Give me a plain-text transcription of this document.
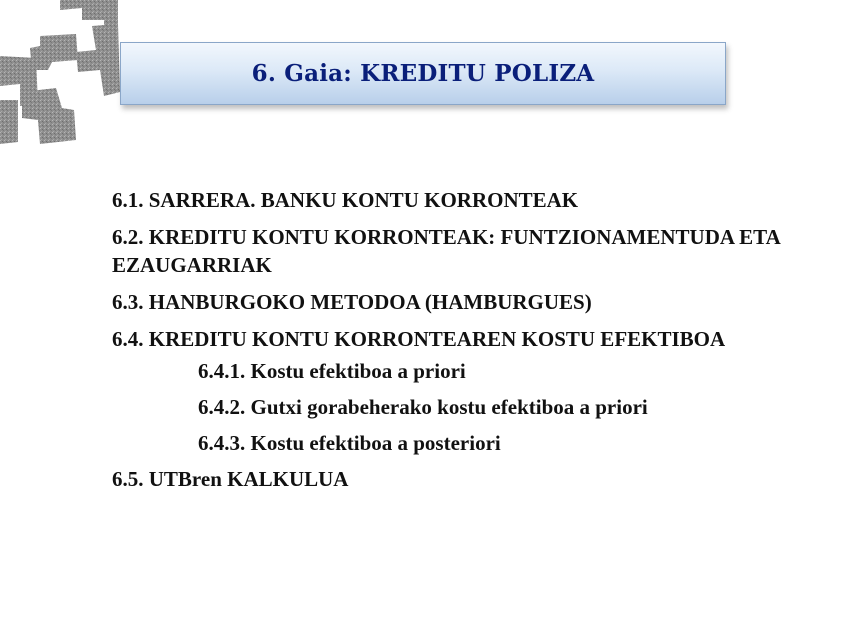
6. Gaia: KREDITU POLIZA

6.1. SARRERA. BANKU KONTU KORRONTEAK

6.2. KREDITU KONTU KORRONTEAK: FUNTZIONAMENTUDA ETA EZAUGARRIAK

6.3. HANBURGOKO METODOA (HAMBURGUES)

6.4. KREDITU KONTU KORRONTEAREN KOSTU EFEKTIBOA

6.4.1. Kostu efektiboa a priori

6.4.2. Gutxi gorabeherako kostu efektiboa a priori

6.4.3. Kostu efektiboa a posteriori

6.5. UTBren KALKULUA
